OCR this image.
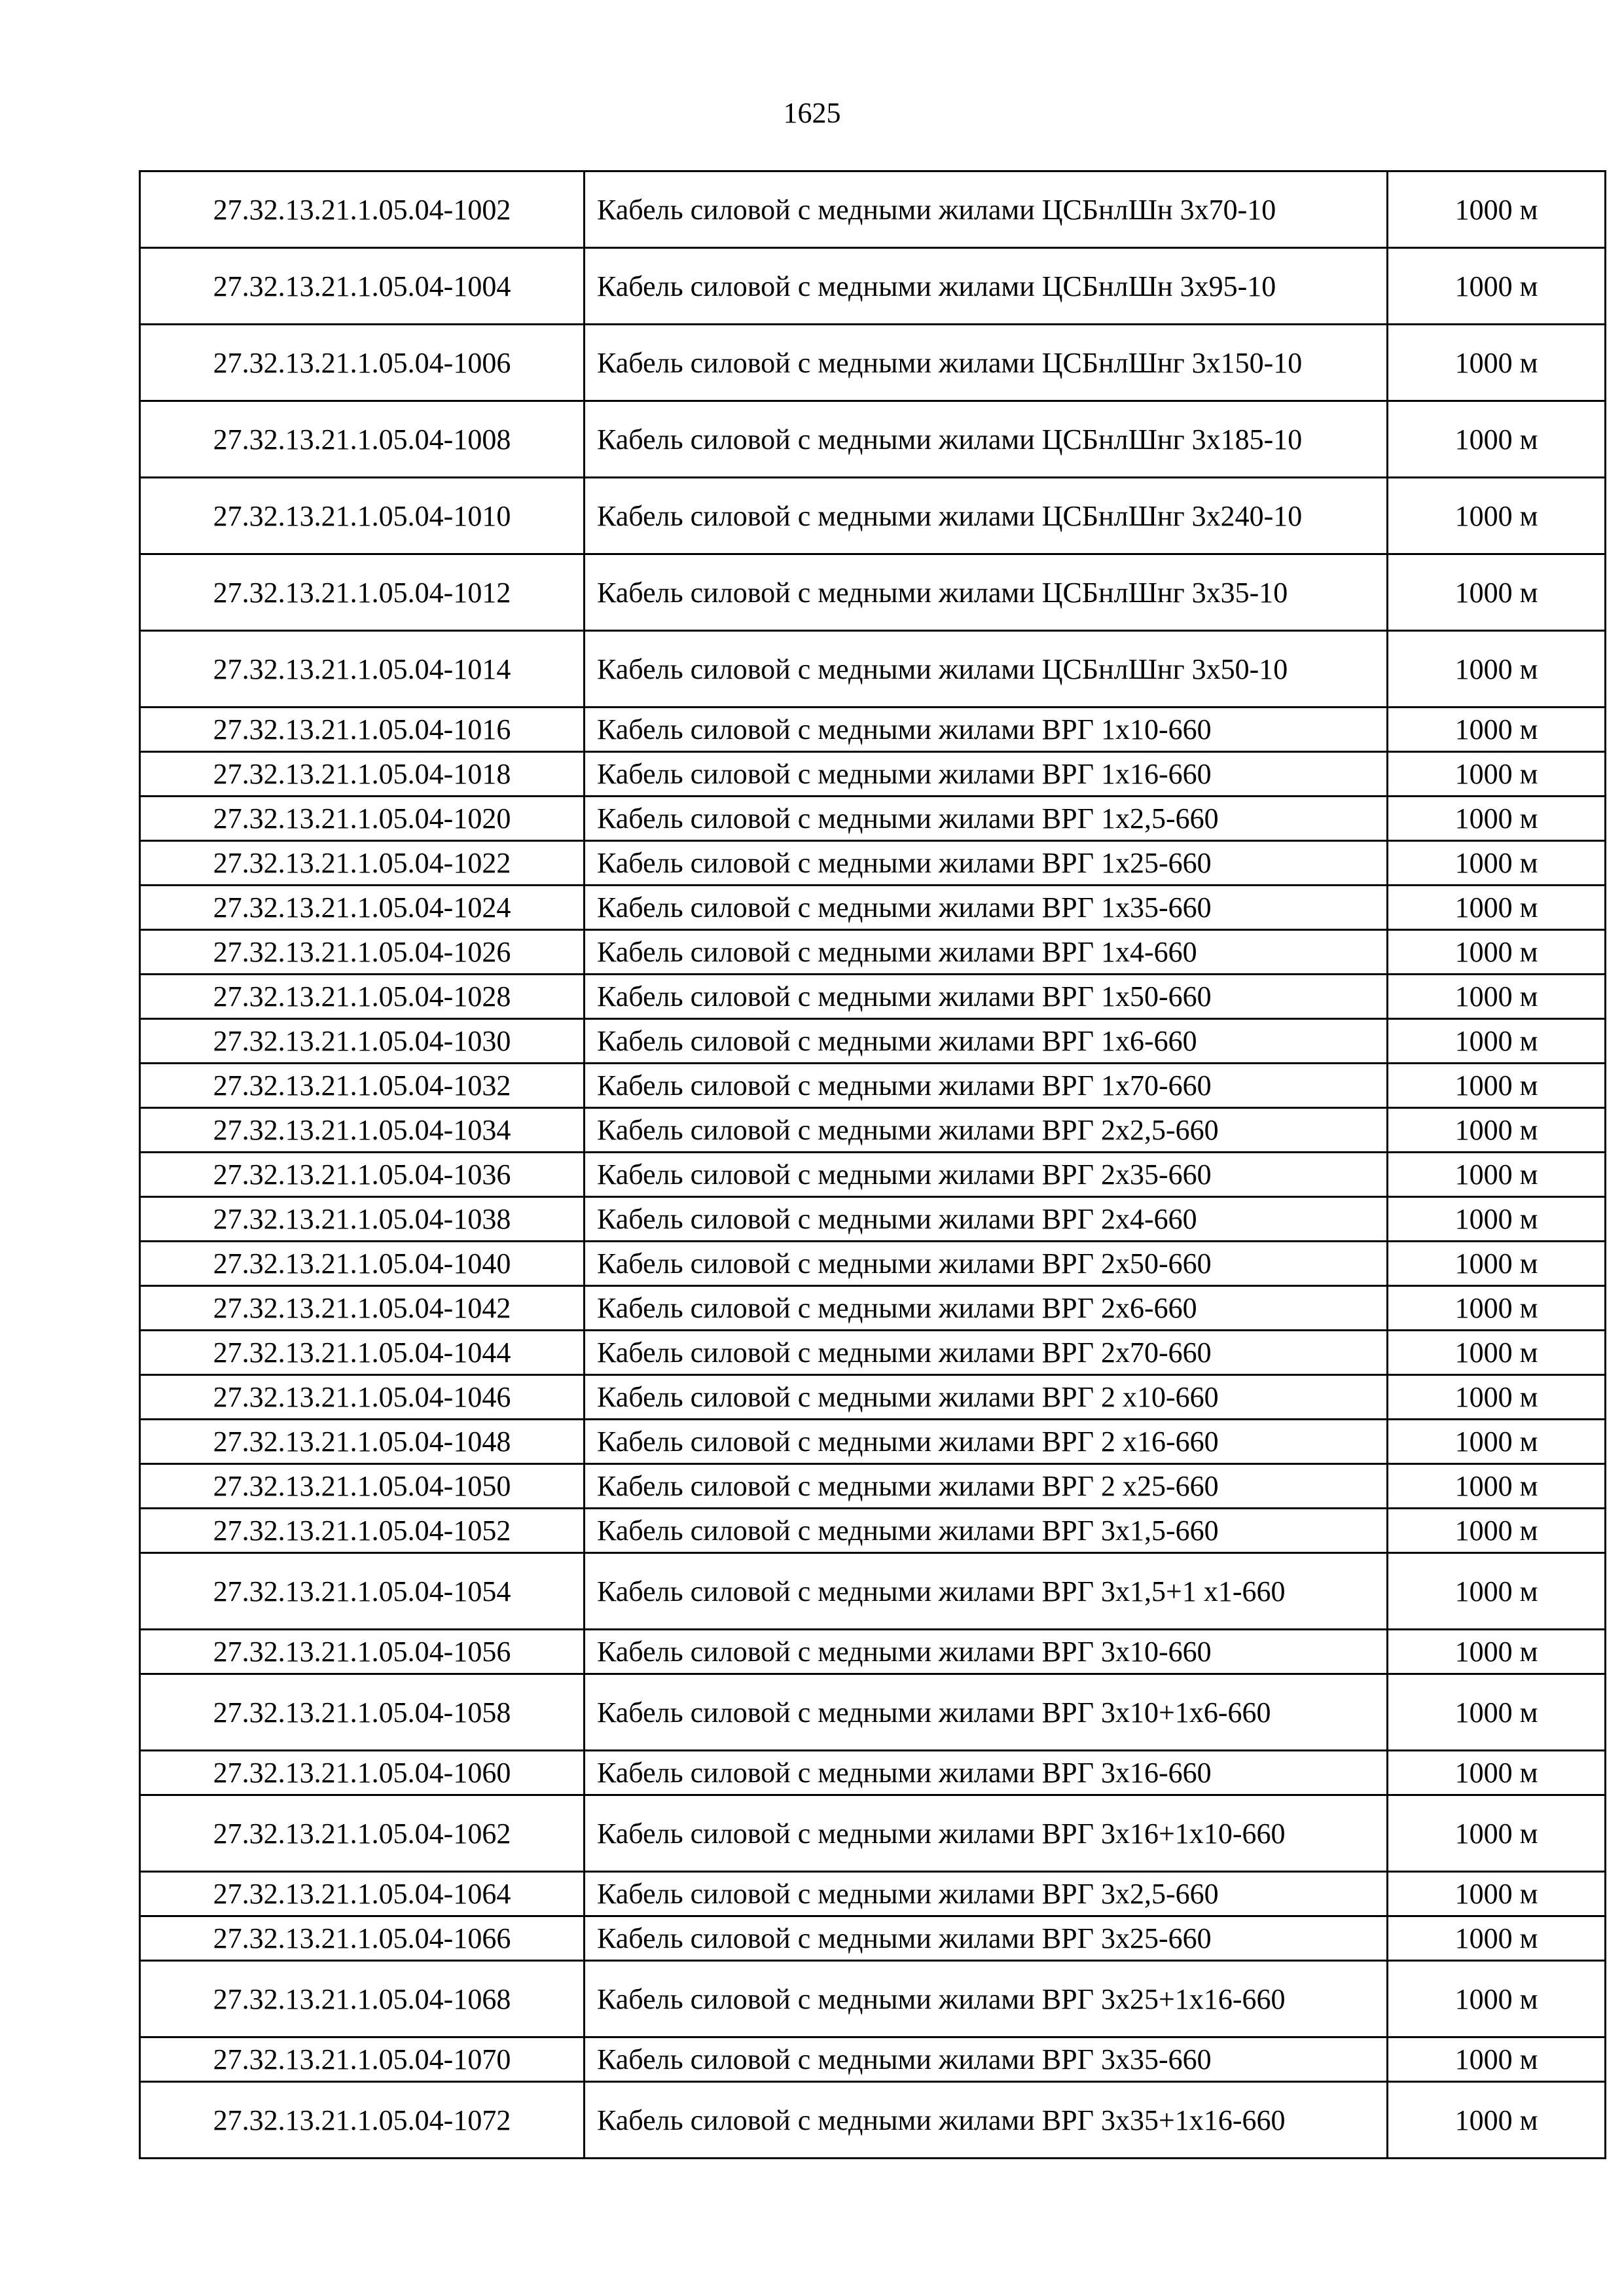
1625
27.32.13.21.1.05.04-1002	Кабель силовой с медными жилами ЦСБнлШн 3х70-10	1000 м
27.32.13.21.1.05.04-1004	Кабель силовой с медными жилами ЦСБнлШн 3х95-10	1000 м
27.32.13.21.1.05.04-1006	Кабель силовой с медными жилами ЦСБнлШнг 3х150-10	1000 м
27.32.13.21.1.05.04-1008	Кабель силовой с медными жилами ЦСБнлШнг 3х185-10	1000 м
27.32.13.21.1.05.04-1010	Кабель силовой с медными жилами ЦСБнлШнг 3х240-10	1000 м
27.32.13.21.1.05.04-1012	Кабель силовой с медными жилами ЦСБнлШнг 3х35-10	1000 м
27.32.13.21.1.05.04-1014	Кабель силовой с медными жилами ЦСБнлШнг 3х50-10	1000 м
27.32.13.21.1.05.04-1016	Кабель силовой с медными жилами ВРГ 1х10-660	1000 м
27.32.13.21.1.05.04-1018	Кабель силовой с медными жилами ВРГ 1х16-660	1000 м
27.32.13.21.1.05.04-1020	Кабель силовой с медными жилами ВРГ 1х2,5-660	1000 м
27.32.13.21.1.05.04-1022	Кабель силовой с медными жилами ВРГ 1х25-660	1000 м
27.32.13.21.1.05.04-1024	Кабель силовой с медными жилами ВРГ 1х35-660	1000 м
27.32.13.21.1.05.04-1026	Кабель силовой с медными жилами ВРГ 1х4-660	1000 м
27.32.13.21.1.05.04-1028	Кабель силовой с медными жилами ВРГ 1х50-660	1000 м
27.32.13.21.1.05.04-1030	Кабель силовой с медными жилами ВРГ 1х6-660	1000 м
27.32.13.21.1.05.04-1032	Кабель силовой с медными жилами ВРГ 1х70-660	1000 м
27.32.13.21.1.05.04-1034	Кабель силовой с медными жилами ВРГ 2х2,5-660	1000 м
27.32.13.21.1.05.04-1036	Кабель силовой с медными жилами ВРГ 2х35-660	1000 м
27.32.13.21.1.05.04-1038	Кабель силовой с медными жилами ВРГ 2х4-660	1000 м
27.32.13.21.1.05.04-1040	Кабель силовой с медными жилами ВРГ 2х50-660	1000 м
27.32.13.21.1.05.04-1042	Кабель силовой с медными жилами ВРГ 2х6-660	1000 м
27.32.13.21.1.05.04-1044	Кабель силовой с медными жилами ВРГ 2х70-660	1000 м
27.32.13.21.1.05.04-1046	Кабель силовой с медными жилами ВРГ 2 х10-660	1000 м
27.32.13.21.1.05.04-1048	Кабель силовой с медными жилами ВРГ 2 х16-660	1000 м
27.32.13.21.1.05.04-1050	Кабель силовой с медными жилами ВРГ 2 х25-660	1000 м
27.32.13.21.1.05.04-1052	Кабель силовой с медными жилами ВРГ 3х1,5-660	1000 м
27.32.13.21.1.05.04-1054	Кабель силовой с медными жилами ВРГ 3х1,5+1 х1-660	1000 м
27.32.13.21.1.05.04-1056	Кабель силовой с медными жилами ВРГ 3х10-660	1000 м
27.32.13.21.1.05.04-1058	Кабель силовой с медными жилами ВРГ 3х10+1х6-660	1000 м
27.32.13.21.1.05.04-1060	Кабель силовой с медными жилами ВРГ 3х16-660	1000 м
27.32.13.21.1.05.04-1062	Кабель силовой с медными жилами ВРГ 3х16+1х10-660	1000 м
27.32.13.21.1.05.04-1064	Кабель силовой с медными жилами ВРГ 3х2,5-660	1000 м
27.32.13.21.1.05.04-1066	Кабель силовой с медными жилами ВРГ 3х25-660	1000 м
27.32.13.21.1.05.04-1068	Кабель силовой с медными жилами ВРГ 3х25+1х16-660	1000 м
27.32.13.21.1.05.04-1070	Кабель силовой с медными жилами ВРГ 3х35-660	1000 м
27.32.13.21.1.05.04-1072	Кабель силовой с медными жилами ВРГ 3х35+1х16-660	1000 м
